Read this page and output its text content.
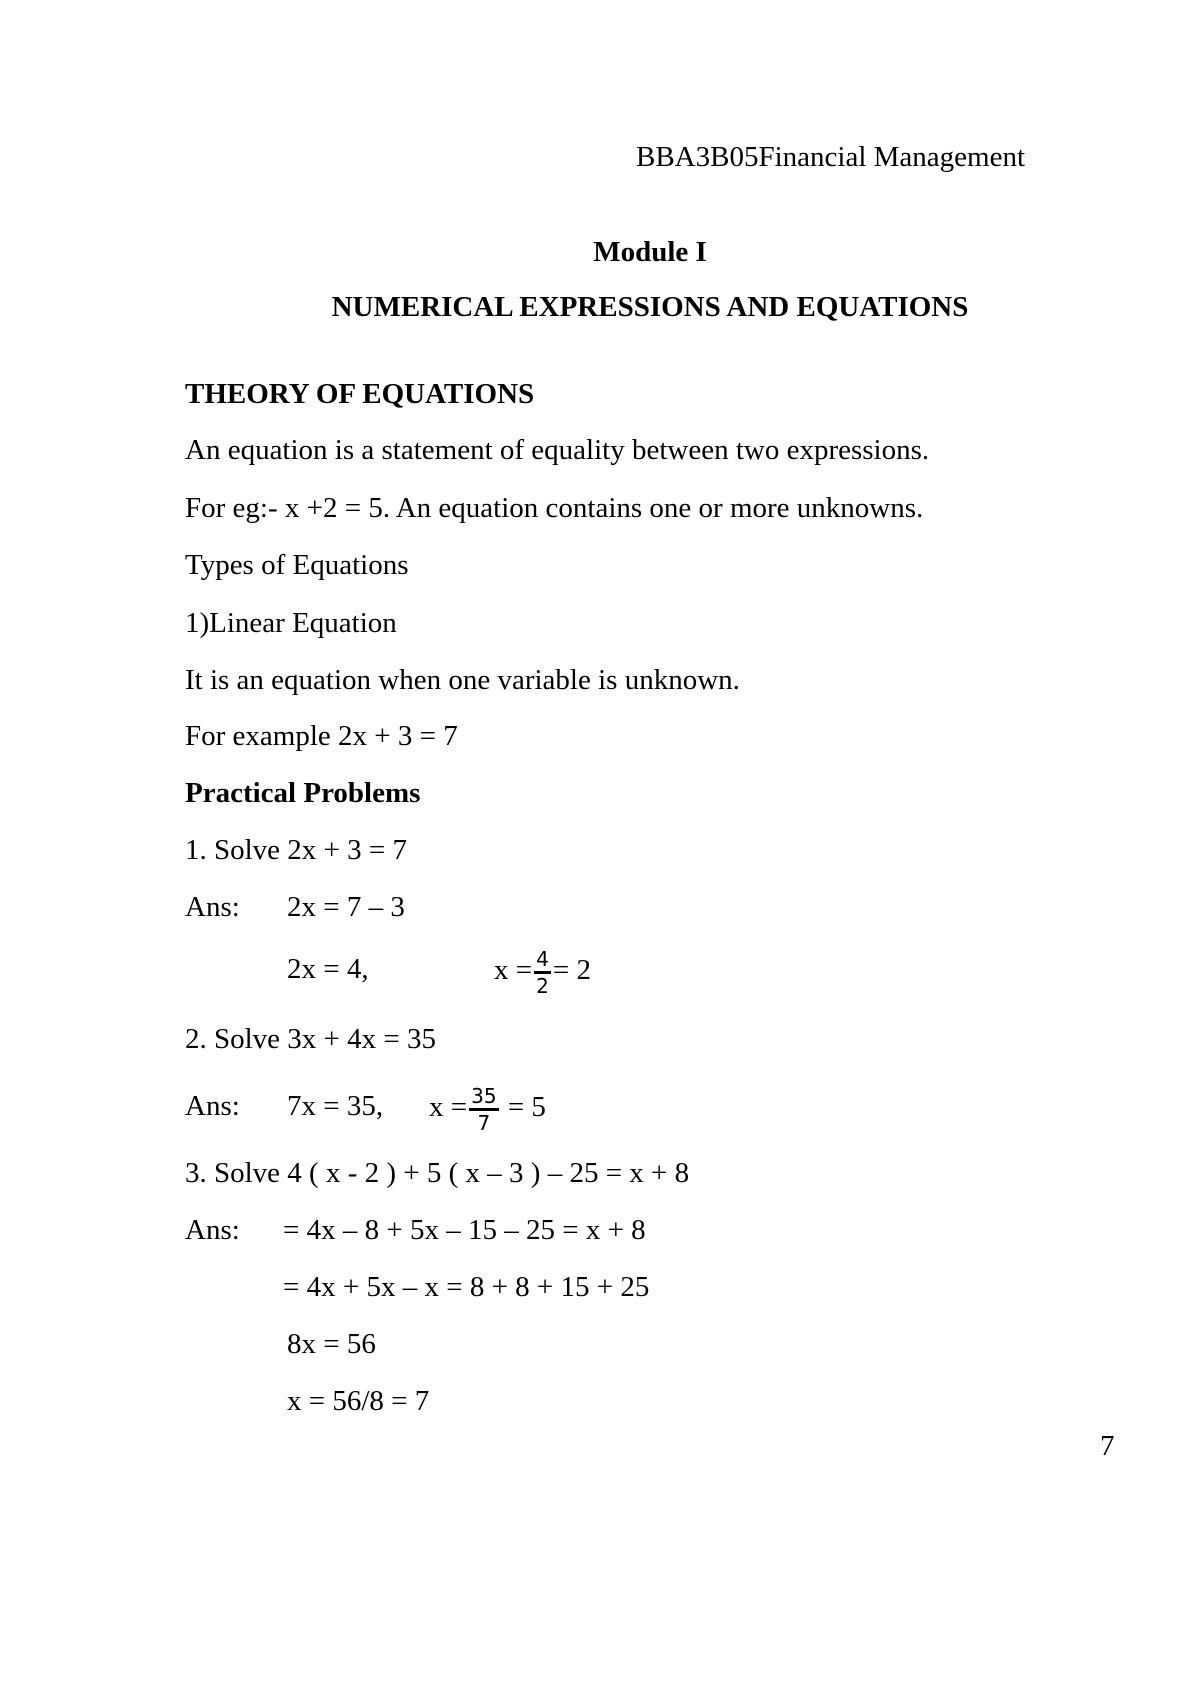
BBA3B05Financial Management
Module I
NUMERICAL EXPRESSIONS AND EQUATIONS
THEORY OF EQUATIONS
An equation is a statement of equality between two expressions.
For eg:- x +2 = 5. An equation contains one or more unknowns.
Types of Equations
1)Linear Equation
It is an equation when one variable is unknown.
For example 2x + 3 = 7
Practical Problems
1. Solve 2x + 3 = 7
Ans: 2x = 7 – 3
2x = 4,	$x = \frac{4}{2} = 2$
2. Solve 3x + 4x = 35
Ans: 7x = 35, $x = \frac{35}{7} = 5$
3. Solve 4 ( x - 2 ) + 5 ( x – 3 ) – 25 = x + 8
Ans: = 4x – 8 + 5x – 15 – 25 = x + 8
= 4x + 5x – x = 8 + 8 + 15 + 25
8x = 56
x = 56/8 = 7
7
